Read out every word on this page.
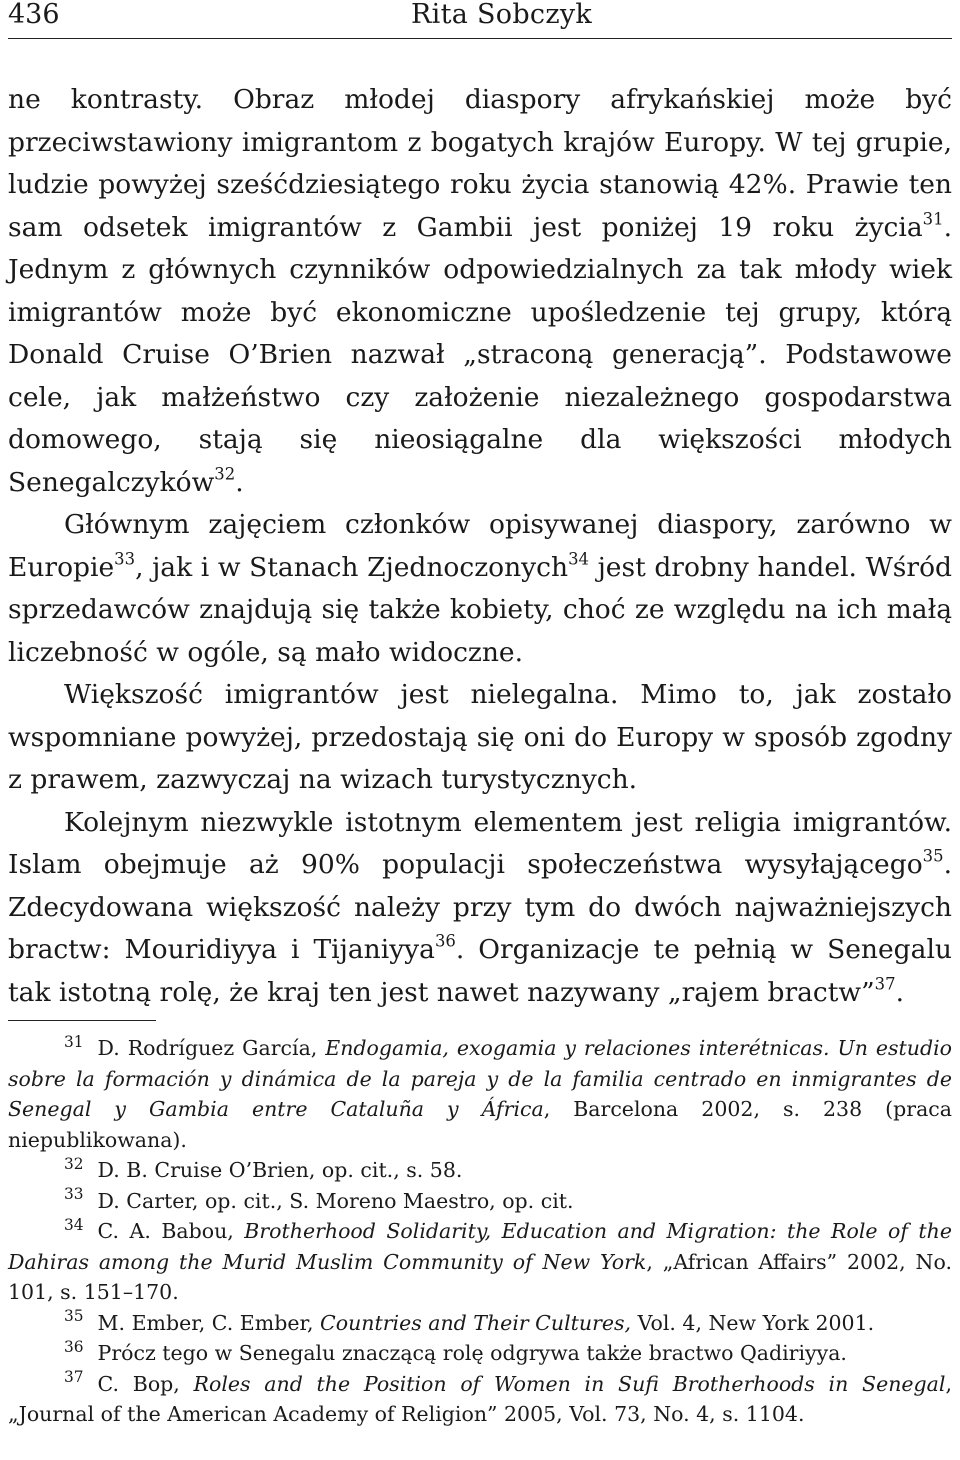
436	Rita Sobczyk

ne kontrasty. Obraz młodej diaspory afrykańskiej może być przeciwstawiony imigrantom z bogatych krajów Europy. W tej grupie, ludzie powyżej sześćdziesiątego roku życia stanowią 42%. Prawie ten sam odsetek imigrantów z Gambii jest poniżej 19 roku życia$^{31}$. Jednym z głównych czynników odpowiedzialnych za tak młody wiek imigrantów może być ekonomiczne upośledzenie tej grupy, którą Donald Cruise O’Brien nazwał „straconą generacją”. Podstawowe cele, jak małżeństwo czy założenie niezależnego gospodarstwa domowego, stają się nieosiągalne dla większości młodych Senegalczyków$^{32}$.

Głównym zajęciem członków opisywanej diaspory, zarówno w Europie$^{33}$, jak i w Stanach Zjednoczonych$^{34}$ jest drobny handel. Wśród sprzedawców znajdują się także kobiety, choć ze względu na ich małą liczebność w ogóle, są mało widoczne.

Większość imigrantów jest nielegalna. Mimo to, jak zostało wspomniane powyżej, przedostają się oni do Europy w sposób zgodny z prawem, zazwyczaj na wizach turystycznych.

Kolejnym niezwykle istotnym elementem jest religia imigrantów. Islam obejmuje aż 90% populacji społeczeństwa wysyłającego$^{35}$. Zdecydowana większość należy przy tym do dwóch najważniejszych bractw: Mouridiyya i Tijaniyya$^{36}$. Organizacje te pełnią w Senegalu tak istotną rolę, że kraj ten jest nawet nazywany „rajem bractw”$^{37}$.

$^{31}$ D. Rodríguez García, Endogamia, exogamia y relaciones interétnicas. Un estudio sobre la formación y dinámica de la pareja y de la familia centrado en inmigrantes de Senegal y Gambia entre Cataluña y África, Barcelona 2002, s. 238 (praca niepublikowana).

$^{32}$ D. B. Cruise O’Brien, op. cit., s. 58.

$^{33}$ D. Carter, op. cit., S. Moreno Maestro, op. cit.

$^{34}$ C. A. Babou, Brotherhood Solidarity, Education and Migration: the Role of the Dahiras among the Murid Muslim Community of New York, „African Affairs” 2002, No. 101, s. 151–170.

$^{35}$ M. Ember, C. Ember, Countries and Their Cultures, Vol. 4, New York 2001.

$^{36}$ Prócz tego w Senegalu znaczącą rolę odgrywa także bractwo Qadiriyya.

$^{37}$ C. Bop, Roles and the Position of Women in Sufi Brotherhoods in Senegal, „Journal of the American Academy of Religion” 2005, Vol. 73, No. 4, s. 1104.
